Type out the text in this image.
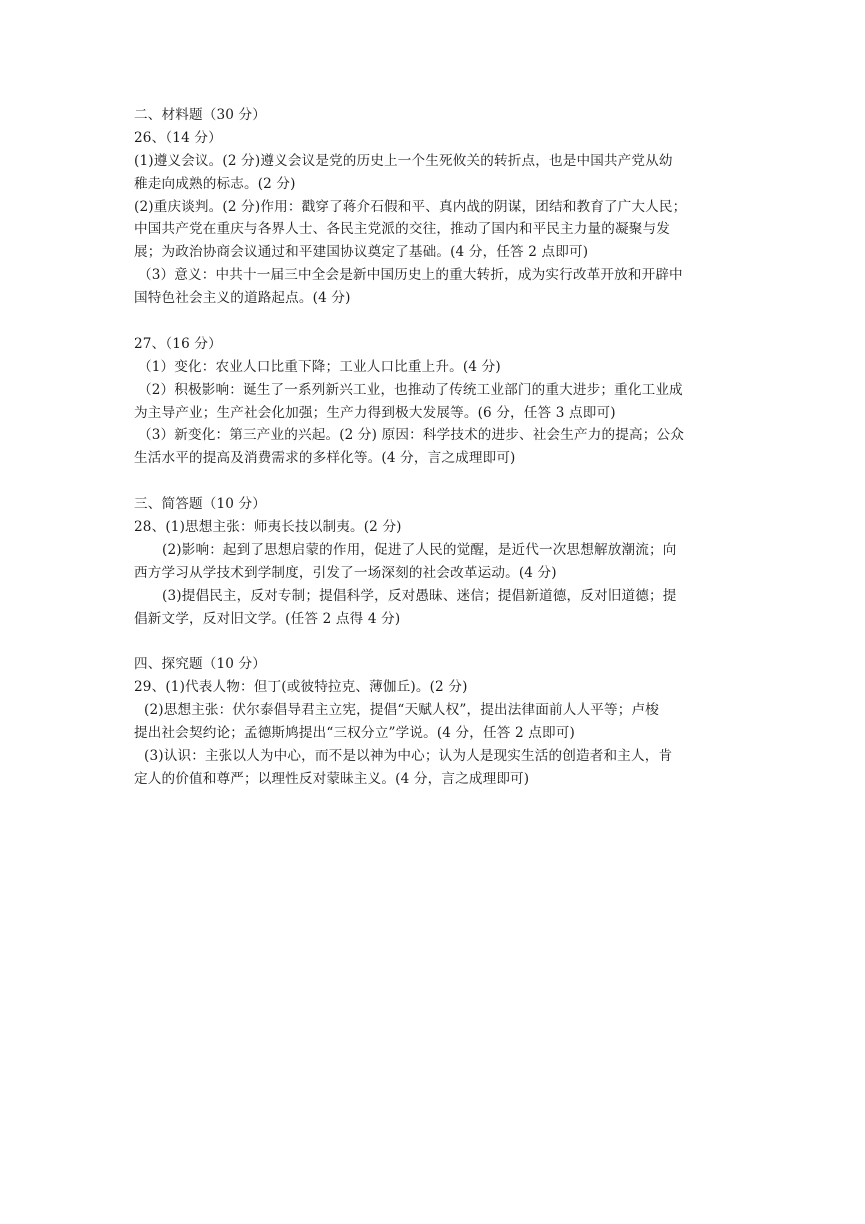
二、材料题（30 分）
26、（14 分）
(1)遵义会议。(2 分)遵义会议是党的历史上一个生死攸关的转折点，也是中国共产党从幼
稚走向成熟的标志。(2 分)
(2)重庆谈判。(2 分)作用：戳穿了蒋介石假和平、真内战的阴谋，团结和教育了广大人民；
中国共产党在重庆与各界人士、各民主党派的交往，推动了国内和平民主力量的凝聚与发
展；为政治协商会议通过和平建国协议奠定了基础。(4 分，任答 2 点即可)
（3）意义：中共十一届三中全会是新中国历史上的重大转折，成为实行改革开放和开辟中
国特色社会主义的道路起点。(4 分)
27、（16 分）
（1）变化：农业人口比重下降；工业人口比重上升。(4 分)
（2）积极影响：诞生了一系列新兴工业，也推动了传统工业部门的重大进步；重化工业成
为主导产业；生产社会化加强；生产力得到极大发展等。(6 分，任答 3 点即可)
（3）新变化：第三产业的兴起。(2 分) 原因：科学技术的进步、社会生产力的提高；公众
生活水平的提高及消费需求的多样化等。(4 分，言之成理即可)
三、简答题（10 分）
28、(1)思想主张：师夷长技以制夷。(2 分)
(2)影响：起到了思想启蒙的作用，促进了人民的觉醒，是近代一次思想解放潮流；向
西方学习从学技术到学制度，引发了一场深刻的社会改革运动。(4 分)
(3)提倡民主，反对专制；提倡科学，反对愚昧、迷信；提倡新道德，反对旧道德；提
倡新文学，反对旧文学。(任答 2 点得 4 分)
四、探究题（10 分）
29、(1)代表人物：但丁(或彼特拉克、薄伽丘)。(2 分)
(2)思想主张：伏尔泰倡导君主立宪，提倡“天赋人权”，提出法律面前人人平等；卢梭
提出社会契约论；孟德斯鸠提出“三权分立”学说。(4 分，任答 2 点即可)
(3)认识：主张以人为中心，而不是以神为中心；认为人是现实生活的创造者和主人，肯
定人的价值和尊严；以理性反对蒙昧主义。(4 分，言之成理即可)
